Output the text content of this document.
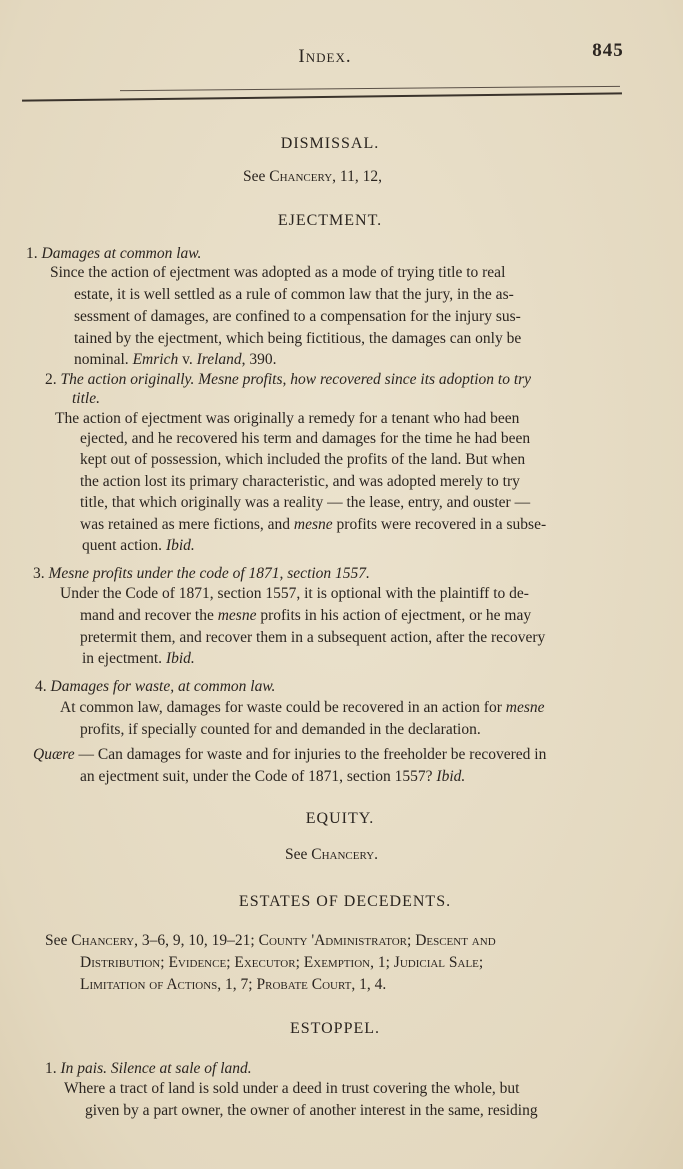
Index.	845
DISMISSAL.
See Chancery, 11, 12,
EJECTMENT.
1. Damages at common law.
Since the action of ejectment was adopted as a mode of trying title to real
estate, it is well settled as a rule of common law that the jury, in the as-
sessment of damages, are confined to a compensation for the injury sus-
tained by the ejectment, which being fictitious, the damages can only be
nominal. Emrich v. Ireland, 390.
2. The action originally. Mesne profits, how recovered since its adoption to try
title.
The action of ejectment was originally a remedy for a tenant who had been
ejected, and he recovered his term and damages for the time he had been
kept out of possession, which included the profits of the land. But when
the action lost its primary characteristic, and was adopted merely to try
title, that which originally was a reality — the lease, entry, and ouster —
was retained as mere fictions, and mesne profits were recovered in a subse-
quent action. Ibid.
3. Mesne profits under the code of 1871, section 1557.
Under the Code of 1871, section 1557, it is optional with the plaintiff to de-
mand and recover the mesne profits in his action of ejectment, or he may
pretermit them, and recover them in a subsequent action, after the recovery
in ejectment. Ibid.
4. Damages for waste, at common law.
At common law, damages for waste could be recovered in an action for mesne
profits, if specially counted for and demanded in the declaration.
Quære — Can damages for waste and for injuries to the freeholder be recovered in
an ejectment suit, under the Code of 1871, section 1557? Ibid.
EQUITY.
See Chancery.
ESTATES OF DECEDENTS.
See Chancery, 3–6, 9, 10, 19–21; County 'Administrator; Descent and
Distribution; Evidence; Executor; Exemption, 1; Judicial Sale;
Limitation of Actions, 1, 7; Probate Court, 1, 4.
ESTOPPEL.
1. In pais. Silence at sale of land.
Where a tract of land is sold under a deed in trust covering the whole, but
given by a part owner, the owner of another interest in the same, residing
